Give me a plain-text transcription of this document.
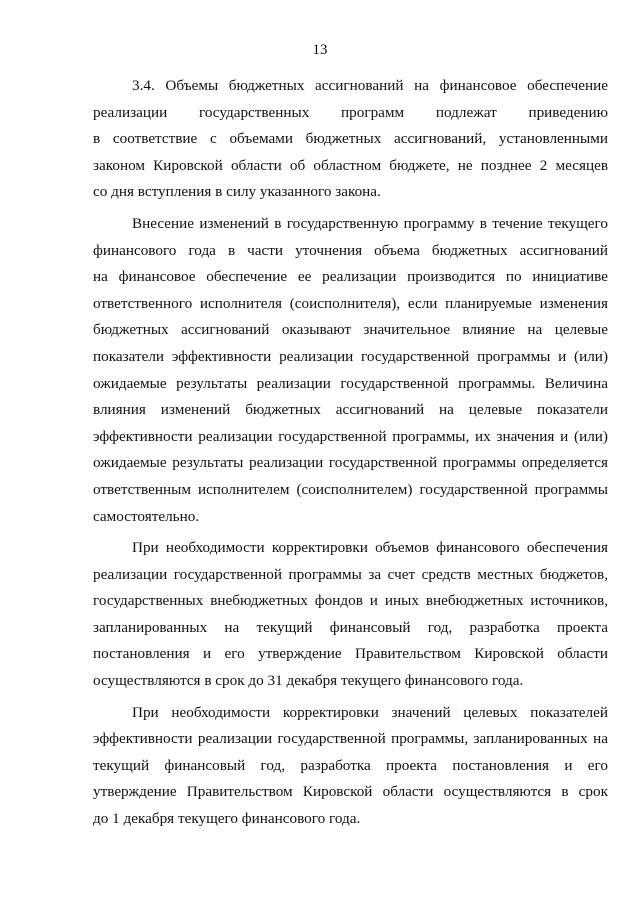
13
3.4. Объемы бюджетных ассигнований на финансовое обеспечение
реализации государственных программ подлежат приведению
в соответствие с объемами бюджетных ассигнований, установленными
законом Кировской области об областном бюджете, не позднее 2 месяцев
со дня вступления в силу указанного закона.
Внесение изменений в государственную программу в течение текущего
финансового года в части уточнения объема бюджетных ассигнований
на финансовое обеспечение ее реализации производится по инициативе
ответственного исполнителя (соисполнителя), если планируемые изменения
бюджетных ассигнований оказывают значительное влияние на целевые
показатели эффективности реализации государственной программы и (или)
ожидаемые результаты реализации государственной программы. Величина
влияния изменений бюджетных ассигнований на целевые показатели
эффективности реализации государственной программы, их значения и (или)
ожидаемые результаты реализации государственной программы определяется
ответственным исполнителем (соисполнителем) государственной программы
самостоятельно.
При необходимости корректировки объемов финансового обеспечения
реализации государственной программы за счет средств местных бюджетов,
государственных внебюджетных фондов и иных внебюджетных источников,
запланированных на текущий финансовый год, разработка проекта
постановления и его утверждение Правительством Кировской области
осуществляются в срок до 31 декабря текущего финансового года.
При необходимости корректировки значений целевых показателей
эффективности реализации государственной программы, запланированных на
текущий финансовый год, разработка проекта постановления и его
утверждение Правительством Кировской области осуществляются в срок
до 1 декабря текущего финансового года.
